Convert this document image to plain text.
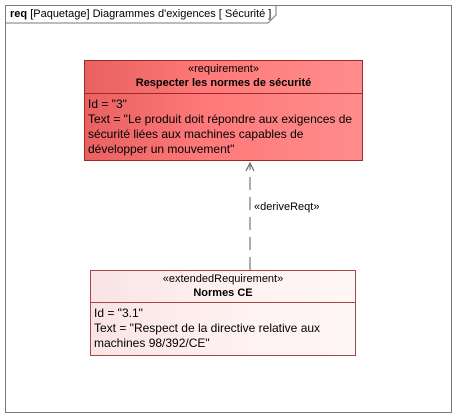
req [Paquetage] Diagrammes d'exigences [ Sécurité ]
«requirement»
Respecter les normes de sécurité
Id = "3"
Text = "Le produit doit répondre aux exigences de
sécurité liées aux machines capables de
développer un mouvement"
«deriveReqt»
«extendedRequirement»
Normes CE
Id = "3.1"
Text = "Respect de la directive relative aux
machines 98/392/CE"
